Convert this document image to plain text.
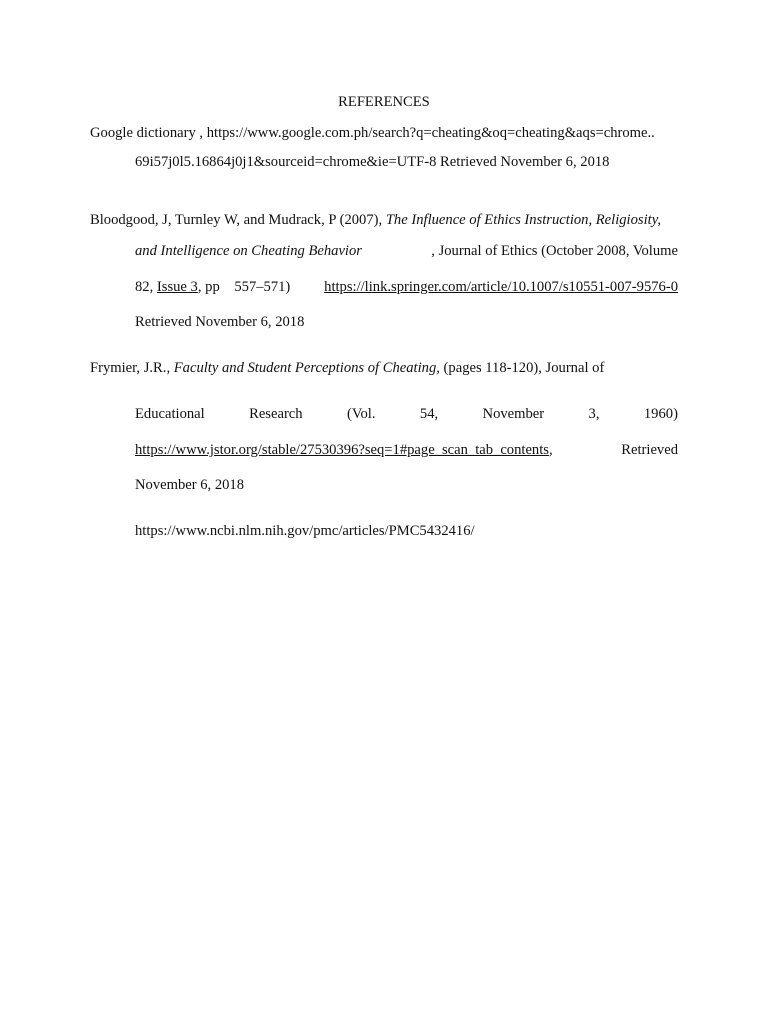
REFERENCES
Google dictionary , https://www.google.com.ph/search?q=cheating&oq=cheating&aqs=chrome..
69i57j0l5.16864j0j1&sourceid=chrome&ie=UTF-8 Retrieved November 6, 2018
Bloodgood, J, Turnley W, and Mudrack, P (2007), The Influence of Ethics Instruction, Religiosity,
and Intelligence on Cheating Behavior	, Journal of Ethics (October 2008, Volume
82, Issue 3, pp    557–571) https://link.springer.com/article/10.1007/s10551-007-9576-0
Retrieved November 6, 2018
Frymier, J.R., Faculty and Student Perceptions of Cheating, (pages 118-120), Journal of
Educational	Research	(Vol.	54,	November	3,	1960)
https://www.jstor.org/stable/27530396?seq=1#page_scan_tab_contents,	Retrieved
November 6, 2018
https://www.ncbi.nlm.nih.gov/pmc/articles/PMC5432416/
